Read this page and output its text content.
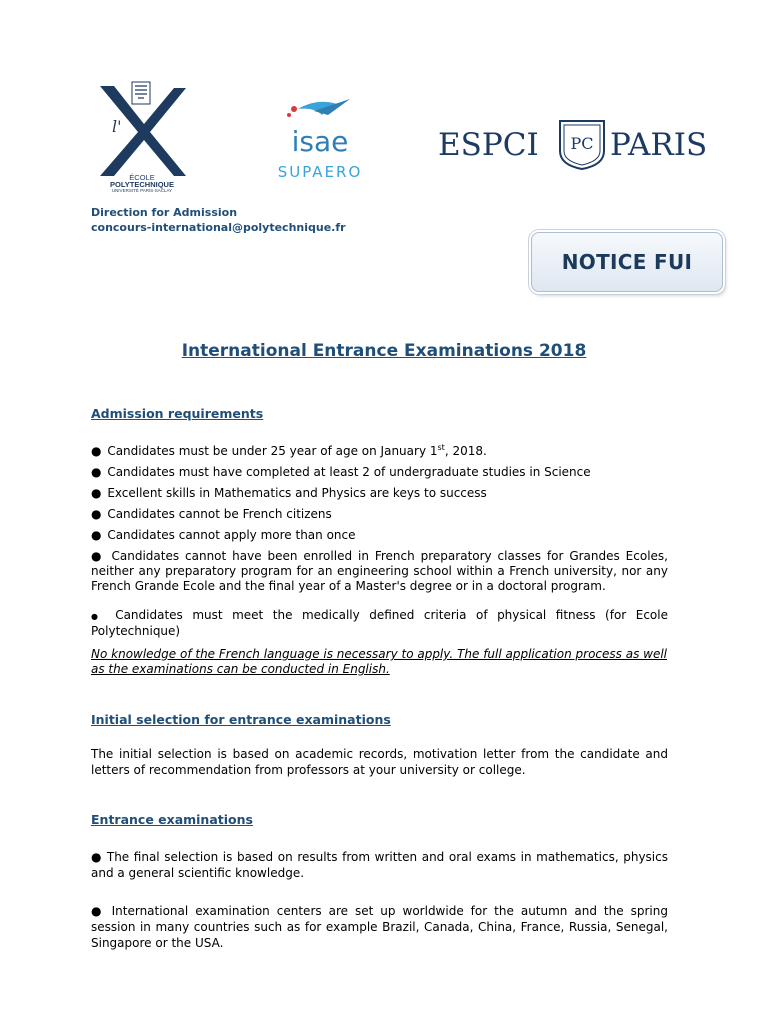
l'
ÉCOLE
POLYTECHNIQUE
UNIVERSITÉ PARIS-SACLAY
isae
SUPAERO
ESPCI PC PARIS
Direction for Admission
concours-international@polytechnique.fr
NOTICE FUI
International Entrance Examinations 2018
Admission requirements
● Candidates must be under 25 year of age on January 1st, 2018.
● Candidates must have completed at least 2 of undergraduate studies in Science
● Excellent skills in Mathematics and Physics are keys to success
● Candidates cannot be French citizens
● Candidates cannot apply more than once
● Candidates cannot have been enrolled in French preparatory classes for Grandes Ecoles, neither any preparatory program for an engineering school within a French university, nor any French Grande Ecole and the final year of a Master's degree or in a doctoral program.
● Candidates must meet the medically defined criteria of physical fitness (for Ecole Polytechnique)
No knowledge of the French language is necessary to apply. The full application process as well as the examinations can be conducted in English.
Initial selection for entrance examinations
The initial selection is based on academic records, motivation letter from the candidate and letters of recommendation from professors at your university or college.
Entrance examinations
● The final selection is based on results from written and oral exams in mathematics, physics and a general scientific knowledge.
● International examination centers are set up worldwide for the autumn and the spring session in many countries such as for example Brazil, Canada, China, France, Russia, Senegal, Singapore or the USA.
